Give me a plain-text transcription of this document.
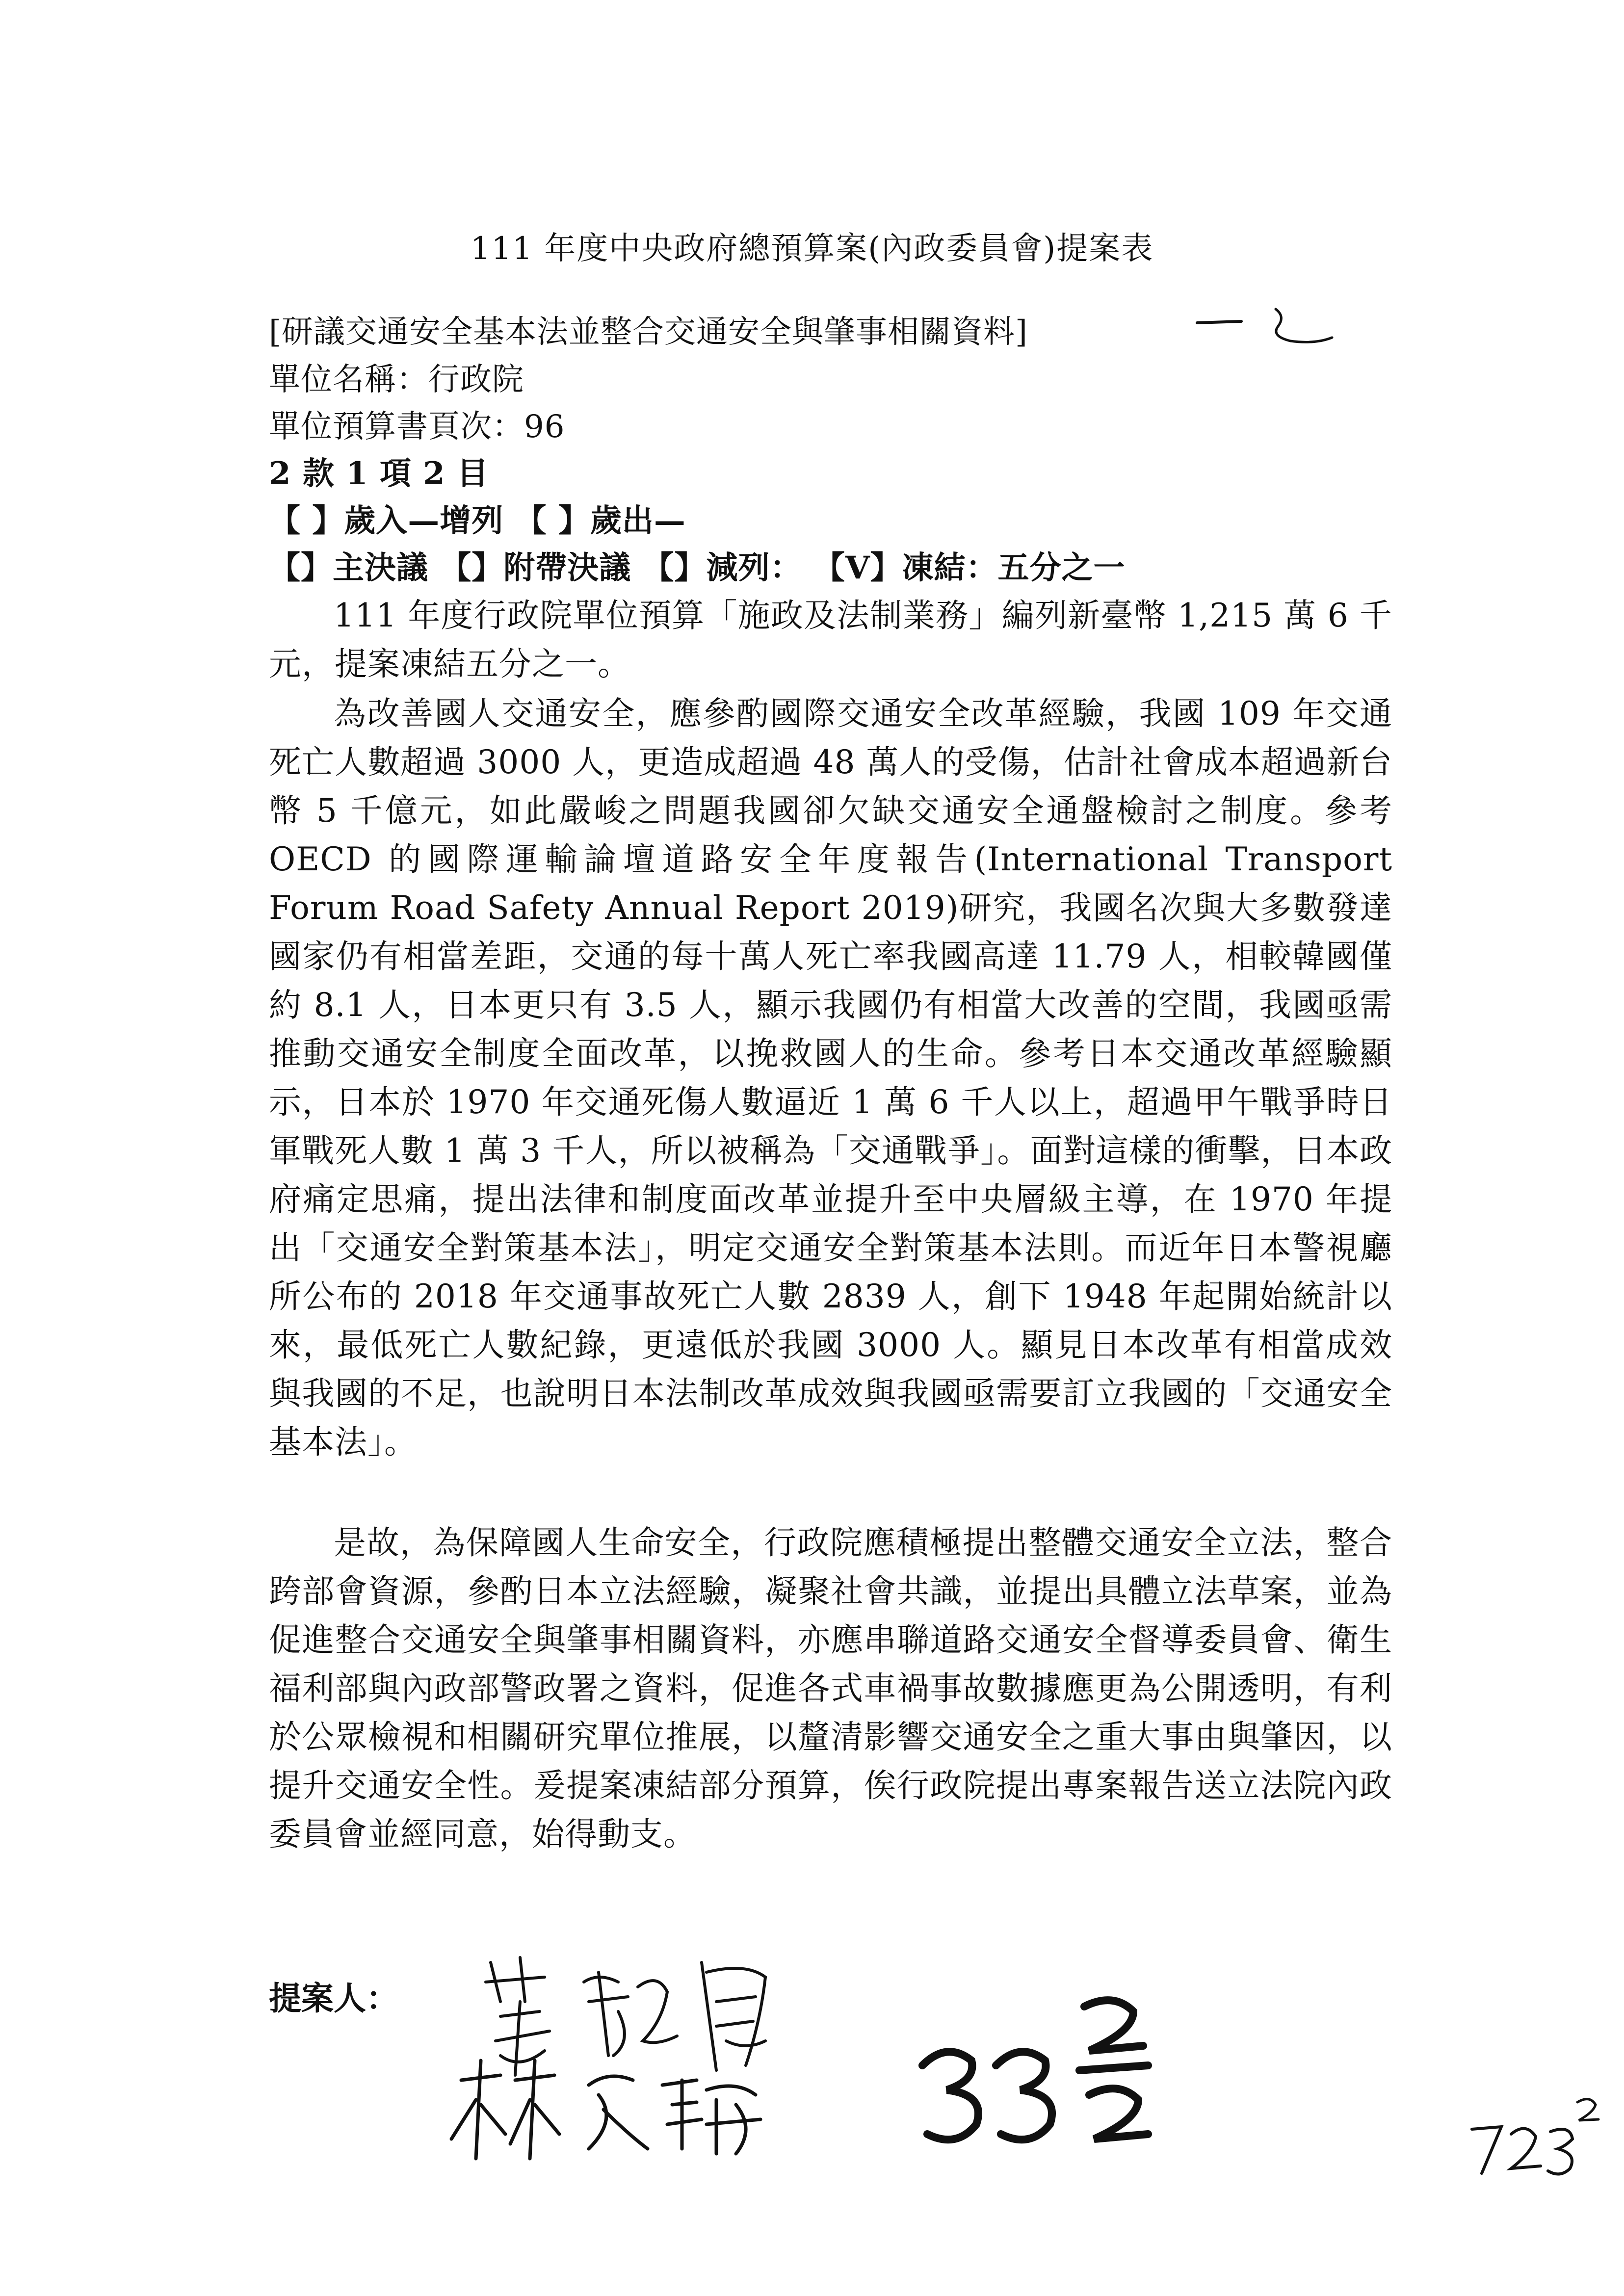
111 年度中央政府總預算案(內政委員會)提案表
[研議交通安全基本法並整合交通安全與肇事相關資料]
單位名稱：行政院
單位預算書頁次：96
2 款 1 項 2 目
【 】歲入—增列 【 】歲出—
【】主決議 【】附帶決議 【】減列： 【V】凍結：五分之一

111 年度行政院單位預算「施政及法制業務」編列新臺幣 1,215 萬 6 千元，提案凍結五分之一。

為改善國人交通安全，應參酌國際交通安全改革經驗，我國 109 年交通死亡人數超過 3000 人，更造成超過 48 萬人的受傷，估計社會成本超過新台幣 5 千億元，如此嚴峻之問題我國卻欠缺交通安全通盤檢討之制度。參考 OECD 的國際運輸論壇道路安全年度報告(International Transport Forum Road Safety Annual Report 2019)研究，我國名次與大多數發達國家仍有相當差距，交通的每十萬人死亡率我國高達 11.79 人，相較韓國僅約 8.1 人，日本更只有 3.5 人，顯示我國仍有相當大改善的空間，我國亟需推動交通安全制度全面改革，以挽救國人的生命。參考日本交通改革經驗顯示，日本於 1970 年交通死傷人數逼近 1 萬 6 千人以上，超過甲午戰爭時日軍戰死人數 1 萬 3 千人，所以被稱為「交通戰爭」。面對這樣的衝擊，日本政府痛定思痛，提出法律和制度面改革並提升至中央層級主導，在 1970 年提出「交通安全對策基本法」，明定交通安全對策基本法則。而近年日本警視廳所公布的 2018 年交通事故死亡人數 2839 人，創下 1948 年起開始統計以來，最低死亡人數紀錄，更遠低於我國 3000 人。顯見日本改革有相當成效與我國的不足，也說明日本法制改革成效與我國亟需要訂立我國的「交通安全基本法」。

是故，為保障國人生命安全，行政院應積極提出整體交通安全立法，整合跨部會資源，參酌日本立法經驗，凝聚社會共識，並提出具體立法草案，並為促進整合交通安全與肇事相關資料，亦應串聯道路交通安全督導委員會、衛生福利部與內政部警政署之資料，促進各式車禍事故數據應更為公開透明，有利於公眾檢視和相關研究單位推展，以釐清影響交通安全之重大事由與肇因，以提升交通安全性。爰提案凍結部分預算，俟行政院提出專案報告送立法院內政委員會並經同意，始得動支。

提案人：
